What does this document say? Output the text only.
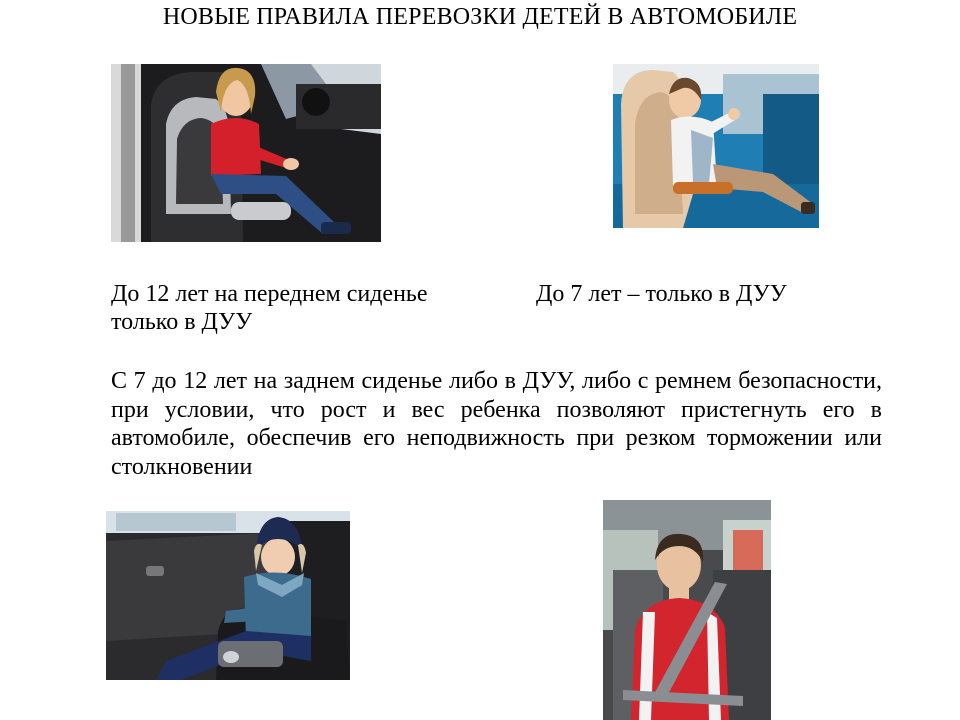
НОВЫЕ ПРАВИЛА ПЕРЕВОЗКИ ДЕТЕЙ В АВТОМОБИЛЕ
До 12 лет на переднем сиденье только в ДУУ
До 7 лет – только в ДУУ
С 7 до 12 лет на заднем сиденье либо в ДУУ, либо с ремнем безопасности, при условии, что рост и вес ребенка позволяют пристегнуть его в автомобиле, обеспечив его неподвижность при резком торможении или столкновении
